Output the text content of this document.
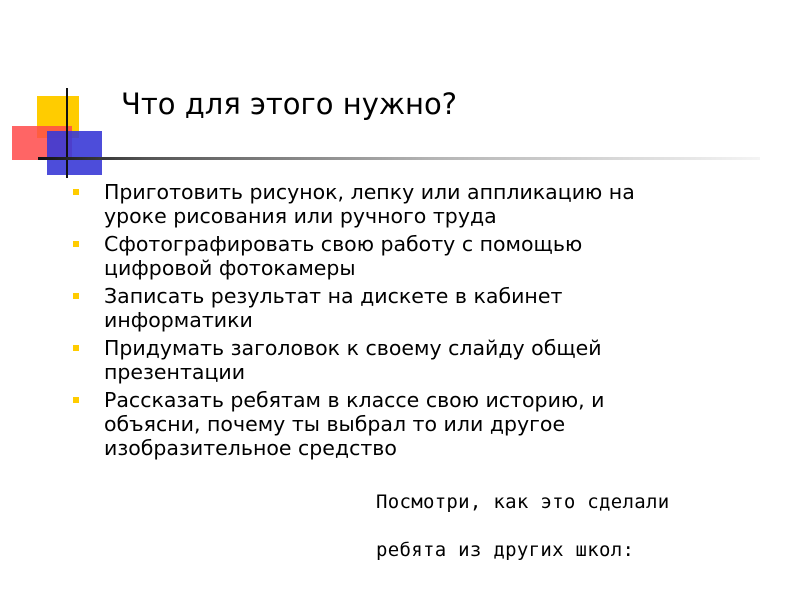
Что для этого нужно?
Приготовить рисунок, лепку или аппликацию на
уроке рисования или ручного труда
Сфотографировать свою работу с помощью
цифровой фотокамеры
Записать результат на дискете в кабинет
информатики
Придумать заголовок к своему слайду общей
презентации
Рассказать ребятам в классе свою историю, и
объясни, почему ты выбрал то или другое
изобразительное средство
Посмотри, как это сделали
ребята из других школ:
